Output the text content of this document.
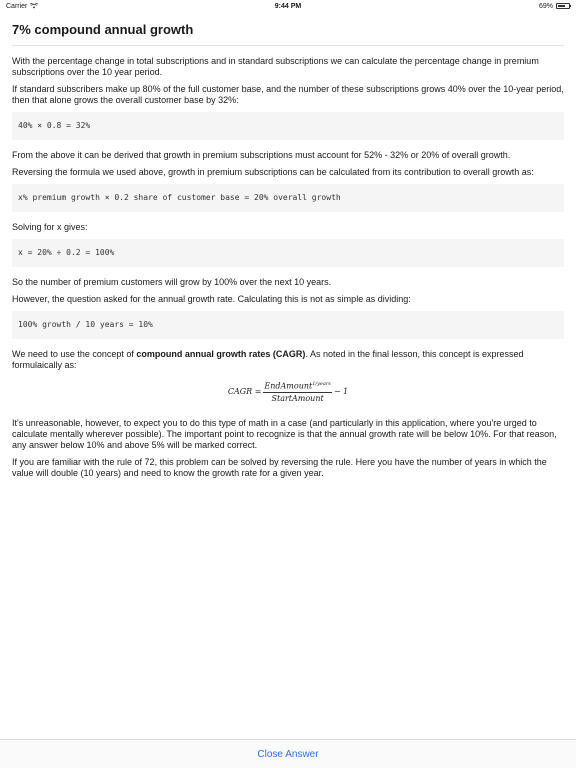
Carrier	9:44 PM	69%
7% compound annual growth

With the percentage change in total subscriptions and in standard subscriptions we can calculate the percentage change in premium subscriptions over the 10 year period.

If standard subscribers make up 80% of the full customer base, and the number of these subscriptions grows 40% over the 10-year period, then that alone grows the overall customer base by 32%:

40% × 0.8 = 32%

From the above it can be derived that growth in premium subscriptions must account for 52% - 32% or 20% of overall growth.

Reversing the formula we used above, growth in premium subscriptions can be calculated from its contribution to overall growth as:

x% premium growth × 0.2 share of customer base = 20% overall growth

Solving for x gives:

x = 20% ÷ 0.2 = 100%

So the number of premium customers will grow by 100% over the next 10 years.

However, the question asked for the annual growth rate. Calculating this is not as simple as dividing:

100% growth / 10 years = 10%

We need to use the concept of compound annual growth rates (CAGR). As noted in the final lesson, this concept is expressed formulaically as:

CAGR = $\frac{EndAmount^{1/years}}{\text{StartAmount}} - 1$

It's unreasonable, however, to expect you to do this type of math in a case (and particularly in this application, where you're urged to calculate mentally wherever possible). The important point to recognize is that the annual growth rate will be below 10%. For that reason, any answer below 10% and above 5% will be marked correct.

If you are familiar with the rule of 72, this problem can be solved by reversing the rule. Here you have the number of years in which the value will double (10 years) and need to know the growth rate for a given year.

Close Answer
